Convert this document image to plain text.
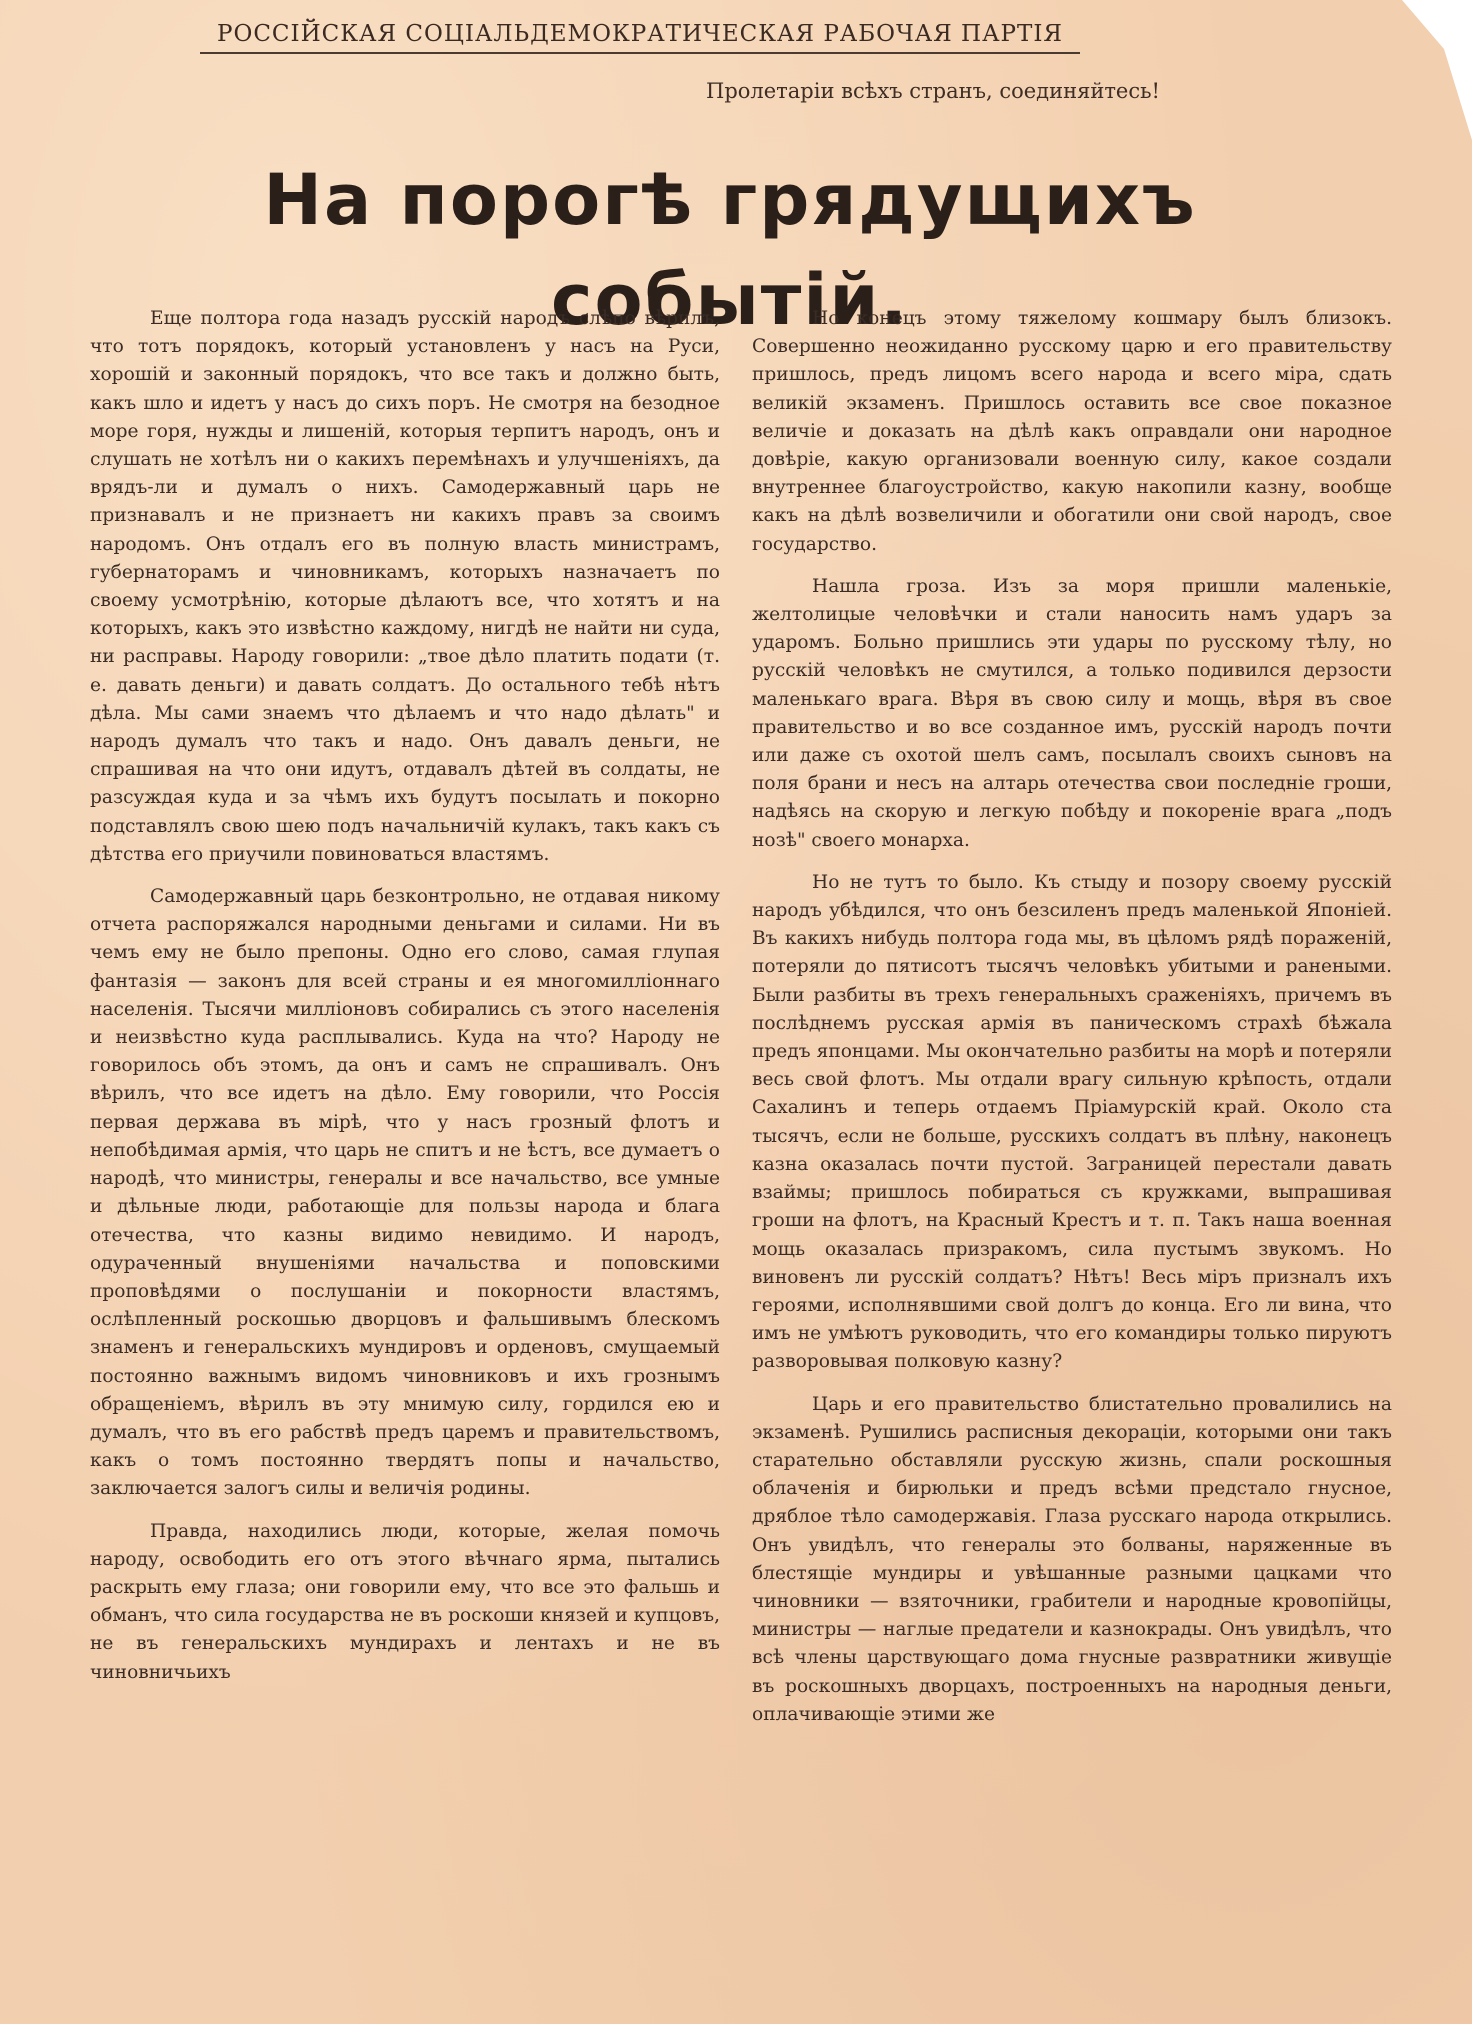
РОССІЙСКАЯ СОЦІАЛЬДЕМОКРАТИЧЕСКАЯ РАБОЧАЯ ПАРТІЯ
Пролетаріи всѣхъ странъ, соединяйтесь!
На порогѣ грядущихъ событій.

Еще полтора года назадъ русскій народъ слѣпо вѣрилъ, что тотъ порядокъ, который установленъ у насъ на Руси, хорошій и законный порядокъ, что все такъ и должно быть, какъ шло и идетъ у насъ до сихъ поръ. Не смотря на безодное море горя, нужды и лишеній, которыя терпитъ народъ, онъ и слушать не хотѣлъ ни о какихъ перемѣнахъ и улучшеніяхъ, да врядъ-ли и думалъ о нихъ. Самодержавный царь не признавалъ и не признаетъ ни какихъ правъ за своимъ народомъ. Онъ отдалъ его въ полную власть министрамъ, губернаторамъ и чиновникамъ, которыхъ назначаетъ по своему усмотрѣнію, которые дѣлаютъ все, что хотятъ и на которыхъ, какъ это извѣстно каждому, нигдѣ не найти ни суда, ни расправы. Народу говорили: „твое дѣло платить подати (т. е. давать деньги) и давать солдатъ. До остального тебѣ нѣтъ дѣла. Мы сами знаемъ что дѣлаемъ и что надо дѣлать" и народъ думалъ что такъ и надо. Онъ давалъ деньги, не спрашивая на что они идутъ, отдавалъ дѣтей въ солдаты, не разсуждая куда и за чѣмъ ихъ будутъ посылать и покорно подставлялъ свою шею подъ начальничій кулакъ, такъ какъ съ дѣтства его приучили повиноваться властямъ.

Самодержавный царь безконтрольно, не отдавая никому отчета распоряжался народными деньгами и силами. Ни въ чемъ ему не было препоны. Одно его слово, самая глупая фантазія — законъ для всей страны и ея многомилліоннаго населенія. Тысячи милліоновъ собирались съ этого населенія и неизвѣстно куда расплывались. Куда на что? Народу не говорилось объ этомъ, да онъ и самъ не спрашивалъ. Онъ вѣрилъ, что все идетъ на дѣло. Ему говорили, что Россія первая держава въ мірѣ, что у насъ грозный флотъ и непобѣдимая армія, что царь не спитъ и не ѣстъ, все думаетъ о народѣ, что министры, генералы и все начальство, все умные и дѣльные люди, работающіе для пользы народа и блага отечества, что казны видимо невидимо. И народъ, одураченный внушеніями начальства и поповскими проповѣдями о послушаніи и покорности властямъ, ослѣпленный роскошью дворцовъ и фальшивымъ блескомъ знаменъ и генеральскихъ мундировъ и орденовъ, смущаемый постоянно важнымъ видомъ чиновниковъ и ихъ грознымъ обращеніемъ, вѣрилъ въ эту мнимую силу, гордился ею и думалъ, что въ его рабствѣ предъ царемъ и правительствомъ, какъ о томъ постоянно твердятъ попы и начальство, заключается залогъ силы и величія родины.

Правда, находились люди, которые, желая помочь народу, освободить его отъ этого вѣчнаго ярма, пытались раскрыть ему глаза; они говорили ему, что все это фальшь и обманъ, что сила государства не въ роскоши князей и купцовъ, не въ генеральскихъ мундирахъ и лентахъ и не въ чиновничьихъ

Но конецъ этому тяжелому кошмару былъ близокъ. Совершенно неожиданно русскому царю и его правительству пришлось, предъ лицомъ всего народа и всего міра, сдать великій экзаменъ. Пришлось оставить все свое показное величіе и доказать на дѣлѣ какъ оправдали они народное довѣріе, какую организовали военную силу, какое создали внутреннее благоустройство, какую накопили казну, вообще какъ на дѣлѣ возвеличили и обогатили они свой народъ, свое государство.

Нашла гроза. Изъ за моря пришли маленькіе, желтолицые человѣчки и стали наносить намъ ударъ за ударомъ. Больно пришлись эти удары по русскому тѣлу, но русскій человѣкъ не смутился, а только подивился дерзости маленькаго врага. Вѣря въ свою силу и мощь, вѣря въ свое правительство и во все созданное имъ, русскій народъ почти или даже съ охотой шелъ самъ, посылалъ своихъ сыновъ на поля брани и несъ на алтарь отечества свои последніе гроши, надѣясь на скорую и легкую побѣду и покореніе врага „подъ нозѣ" своего монарха.

Но не тутъ то было. Къ стыду и позору своему русскій народъ убѣдился, что онъ безсиленъ предъ маленькой Японіей. Въ какихъ нибудь полтора года мы, въ цѣломъ рядѣ пораженій, потеряли до пятисотъ тысячъ человѣкъ убитыми и ранеными. Были разбиты въ трехъ генеральныхъ сраженіяхъ, причемъ въ послѣднемъ русская армія въ паническомъ страхѣ бѣжала предъ японцами. Мы окончательно разбиты на морѣ и потеряли весь свой флотъ. Мы отдали врагу сильную крѣпость, отдали Сахалинъ и теперь отдаемъ Пріамурскій край. Около ста тысячъ, если не больше, русскихъ солдатъ въ плѣну, наконецъ казна оказалась почти пустой. Заграницей перестали давать взаймы; пришлось побираться съ кружками, выпрашивая гроши на флотъ, на Красный Крестъ и т. п. Такъ наша военная мощь оказалась призракомъ, сила пустымъ звукомъ. Но виновенъ ли русскій солдатъ? Нѣтъ! Весь міръ призналъ ихъ героями, исполнявшими свой долгъ до конца. Его ли вина, что имъ не умѣютъ руководить, что его командиры только пируютъ разворовывая полковую казну?

Царь и его правительство блистательно провалились на экзаменѣ. Рушились расписныя декораціи, которыми они такъ старательно обставляли русскую жизнь, спали роскошныя облаченія и бирюльки и предъ всѣми предстало гнусное, дряблое тѣло самодержавія. Глаза русскаго народа открылись. Онъ увидѣлъ, что генералы это болваны, наряженные въ блестящіе мундиры и увѣшанные разными цацками что чиновники — взяточники, грабители и народные кровопійцы, министры — наглые предатели и казнокрады. Онъ увидѣлъ, что всѣ члены царствующаго дома гнусные развратники живущіе въ роскошныхъ дворцахъ, построенныхъ на народныя деньги, оплачивающіе этими же
